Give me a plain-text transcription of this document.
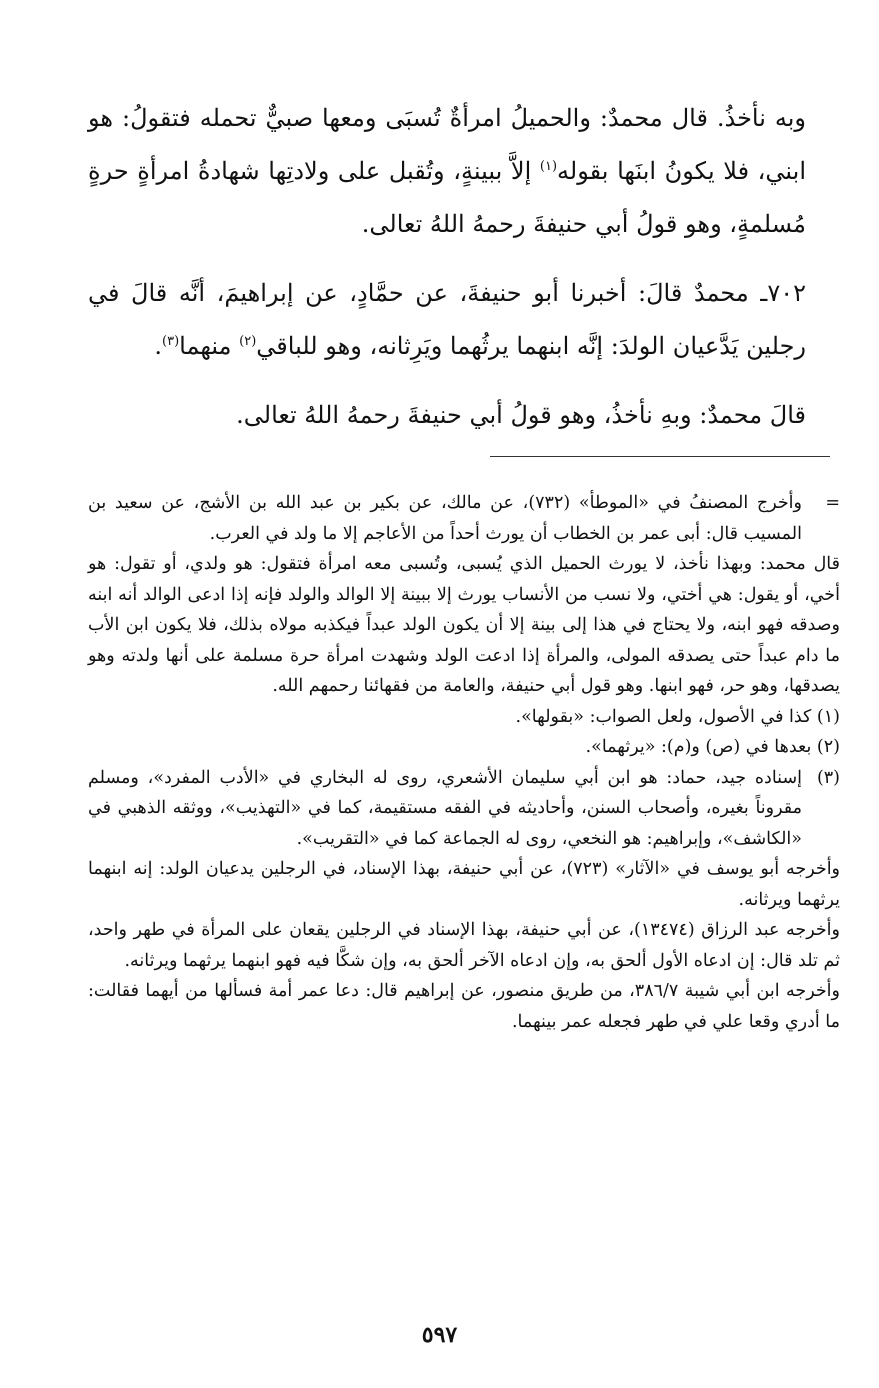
وبه نأخذُ. قال محمدٌ: والحميلُ امرأةٌ تُسبَى ومعها صبيٌّ تحمله فتقولُ: هو ابني، فلا يكونُ ابنَها بقوله$^{(١)}$ إلاَّ ببينةٍ، وتُقبل على ولادتِها شهادةُ امرأةٍ حرةٍ مُسلمةٍ، وهو قولُ أبي حنيفةَ رحمهُ اللهُ تعالى.

٧٠٢ـ محمدٌ قالَ: أخبرنا أبو حنيفةَ، عن حمَّادٍ، عن إبراهيمَ، أنَّه قالَ في رجلين يَدَّعيان الولدَ: إنَّه ابنهما يرثُهما ويَرِثانه، وهو للباقي$^{(٢)}$ منهما$^{(٣)}$.

قالَ محمدٌ: وبهِ نأخذُ، وهو قولُ أبي حنيفةَ رحمهُ اللهُ تعالى.

=
وأخرج المصنفُ في «الموطأ» (٧٣٢)، عن مالك، عن بكير بن عبد الله بن الأشج، عن سعيد بن المسيب قال: أبى عمر بن الخطاب أن يورث أحداً من الأعاجم إلا ما ولد في العرب.

قال محمد: وبهذا نأخذ، لا يورث الحميل الذي يُسبى، وتُسبى معه امرأة فتقول: هو ولدي، أو تقول: هو أخي، أو يقول: هي أختي، ولا نسب من الأنساب يورث إلا ببينة إلا الوالد والولد فإنه إذا ادعى الوالد أنه ابنه وصدقه فهو ابنه، ولا يحتاج في هذا إلى بينة إلا أن يكون الولد عبداً فيكذبه مولاه بذلك، فلا يكون ابن الأب ما دام عبداً حتى يصدقه المولى، والمرأة إذا ادعت الولد وشهدت امرأة حرة مسلمة على أنها ولدته وهو يصدقها، وهو حر، فهو ابنها. وهو قول أبي حنيفة، والعامة من فقهائنا رحمهم الله.

(١) كذا في الأصول، ولعل الصواب: «بقولها».

(٢) بعدها في (ص) و(م): «يرثهما».

(٣)
إسناده جيد، حماد: هو ابن أبي سليمان الأشعري، روى له البخاري في «الأدب المفرد»، ومسلم مقروناً بغيره، وأصحاب السنن، وأحاديثه في الفقه مستقيمة، كما في «التهذيب»، ووثقه الذهبي في «الكاشف»، وإبراهيم: هو النخعي، روى له الجماعة كما في «التقريب».

وأخرجه أبو يوسف في «الآثار» (٧٢٣)، عن أبي حنيفة، بهذا الإسناد، في الرجلين يدعيان الولد: إنه ابنهما يرثهما ويرثانه.

وأخرجه عبد الرزاق (١٣٤٧٤)، عن أبي حنيفة، بهذا الإسناد في الرجلين يقعان على المرأة في طهر واحد، ثم تلد قال: إن ادعاه الأول ألحق به، وإن ادعاه الآخر ألحق به، وإن شكَّا فيه فهو ابنهما يرثهما ويرثانه.

وأخرجه ابن أبي شيبة ٣٨٦/٧، من طريق منصور، عن إبراهيم قال: دعا عمر أمة فسألها من أيهما فقالت: ما أدري وقعا علي في طهر فجعله عمر بينهما.

٥٩٧
